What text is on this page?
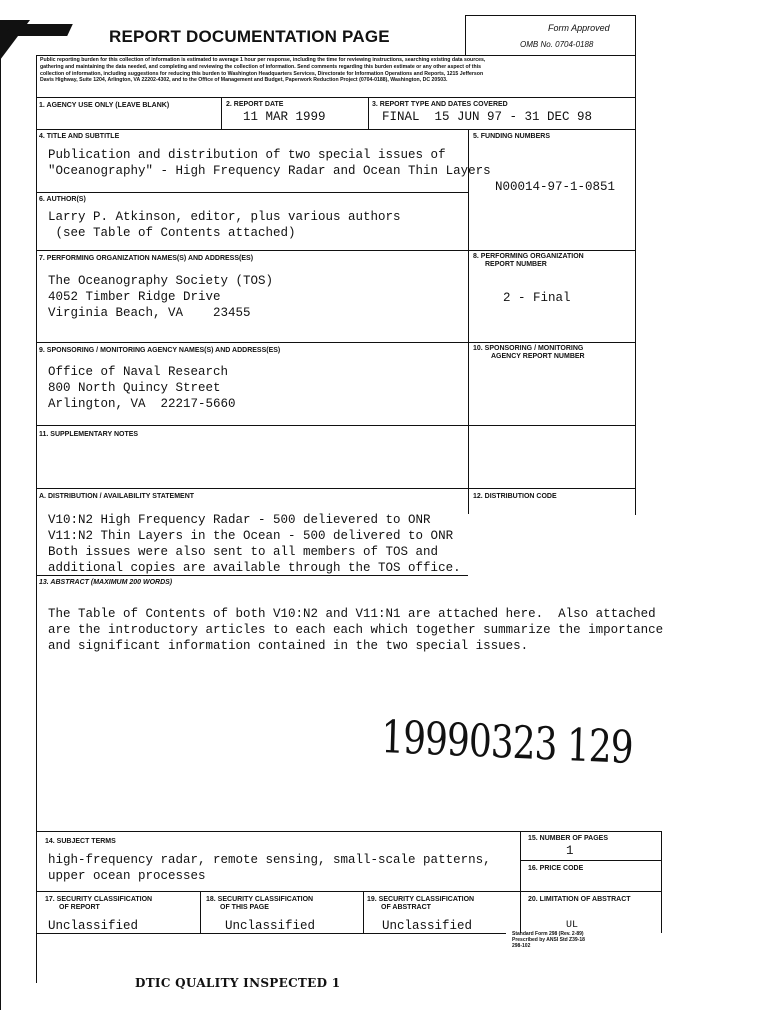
REPORT DOCUMENTATION PAGE	Form Approved
OMB No. 0704-0188
Public reporting burden for this collection of information is estimated to average 1 hour per response, including the time for reviewing instructions, searching existing data sources,
gathering and maintaining the data needed, and completing and reviewing the collection of information. Send comments regarding this burden estimate or any other aspect of this
collection of information, including suggestions for reducing this burden to Washington Headquarters Services, Directorate for Information Operations and Reports, 1215 Jefferson
Davis Highway, Suite 1204, Arlington, VA 22202-4302, and to the Office of Management and Budget, Paperwork Reduction Project (0704-0188), Washington, DC 20503.
1. AGENCY USE ONLY (LEAVE BLANK)	2. REPORT DATE
11 MAR 1999
3. REPORT TYPE AND DATES COVERED
FINAL  15 JUN 97 - 31 DEC 98
4. TITLE AND SUBTITLE
Publication and distribution of two special issues of
"Oceanography" - High Frequency Radar and Ocean Thin Layers
5. FUNDING NUMBERS
N00014-97-1-0851
6. AUTHOR(S)
Larry P. Atkinson, editor, plus various authors
(see Table of Contents attached)
7. PERFORMING ORGANIZATION NAMES(S) AND ADDRESS(ES)
The Oceanography Society (TOS)
4052 Timber Ridge Drive
Virginia Beach, VA    23455
8. PERFORMING ORGANIZATION
REPORT NUMBER
2 - Final
9. SPONSORING / MONITORING AGENCY NAMES(S) AND ADDRESS(ES)
Office of Naval Research
800 North Quincy Street
Arlington, VA  22217-5660
10. SPONSORING / MONITORING
AGENCY REPORT NUMBER
11. SUPPLEMENTARY NOTES
A. DISTRIBUTION / AVAILABILITY STATEMENT
V10:N2 High Frequency Radar - 500 delievered to ONR
V11:N2 Thin Layers in the Ocean - 500 delivered to ONR
Both issues were also sent to all members of TOS and
additional copies are available through the TOS office.
12. DISTRIBUTION CODE
13. ABSTRACT (MAXIMUM 200 WORDS)
The Table of Contents of both V10:N2 and V11:N1 are attached here.  Also attached
are the introductory articles to each each which together summarize the importance
and significant information contained in the two special issues.
19990323 129
14. SUBJECT TERMS
high-frequency radar, remote sensing, small-scale patterns,
upper ocean processes
15. NUMBER OF PAGES
1
16. PRICE CODE
17. SECURITY CLASSIFICATION
OF REPORT
Unclassified
18. SECURITY CLASSIFICATION
OF THIS PAGE
Unclassified
19. SECURITY CLASSIFICATION
OF ABSTRACT
Unclassified
20. LIMITATION OF ABSTRACT
UL
Standard Form 298 (Rev. 2-89)
Prescribed by ANSI Std Z39-18
298-102
DTIC QUALITY INSPECTED 1
